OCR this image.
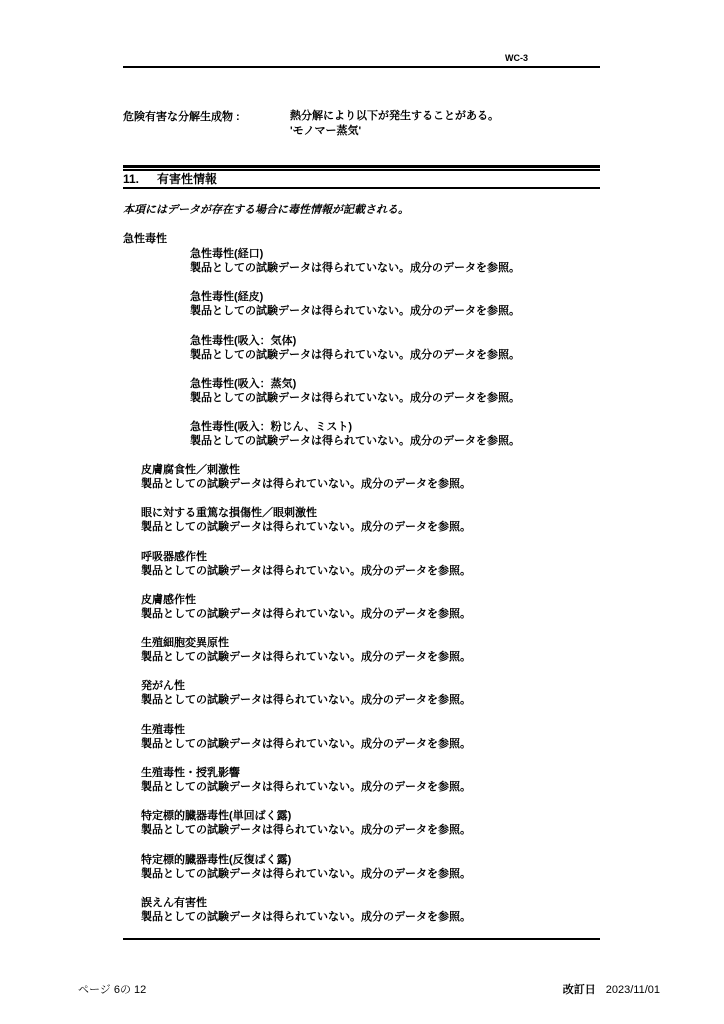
WC-3
危険有害な分解生成物 :	熱分解により以下が発生することがある。
'モノマー蒸気'
11. 有害性情報
本項にはデータが存在する場合に毒性情報が記載される。
急性毒性
急性毒性(経口)
製品としての試験データは得られていない。成分のデータを参照。
急性毒性(経皮)
製品としての試験データは得られていない。成分のデータを参照。
急性毒性(吸入：気体)
製品としての試験データは得られていない。成分のデータを参照。
急性毒性(吸入：蒸気)
製品としての試験データは得られていない。成分のデータを参照。
急性毒性(吸入：粉じん、ミスト)
製品としての試験データは得られていない。成分のデータを参照。
皮膚腐食性／刺激性
製品としての試験データは得られていない。成分のデータを参照。
眼に対する重篤な損傷性／眼刺激性
製品としての試験データは得られていない。成分のデータを参照。
呼吸器感作性
製品としての試験データは得られていない。成分のデータを参照。
皮膚感作性
製品としての試験データは得られていない。成分のデータを参照。
生殖細胞変異原性
製品としての試験データは得られていない。成分のデータを参照。
発がん性
製品としての試験データは得られていない。成分のデータを参照。
生殖毒性
製品としての試験データは得られていない。成分のデータを参照。
生殖毒性・授乳影響
製品としての試験データは得られていない。成分のデータを参照。
特定標的臓器毒性(単回ばく露)
製品としての試験データは得られていない。成分のデータを参照。
特定標的臓器毒性(反復ばく露)
製品としての試験データは得られていない。成分のデータを参照。
誤えん有害性
製品としての試験データは得られていない。成分のデータを参照。
ページ 6の 12	改訂日 2023/11/01
